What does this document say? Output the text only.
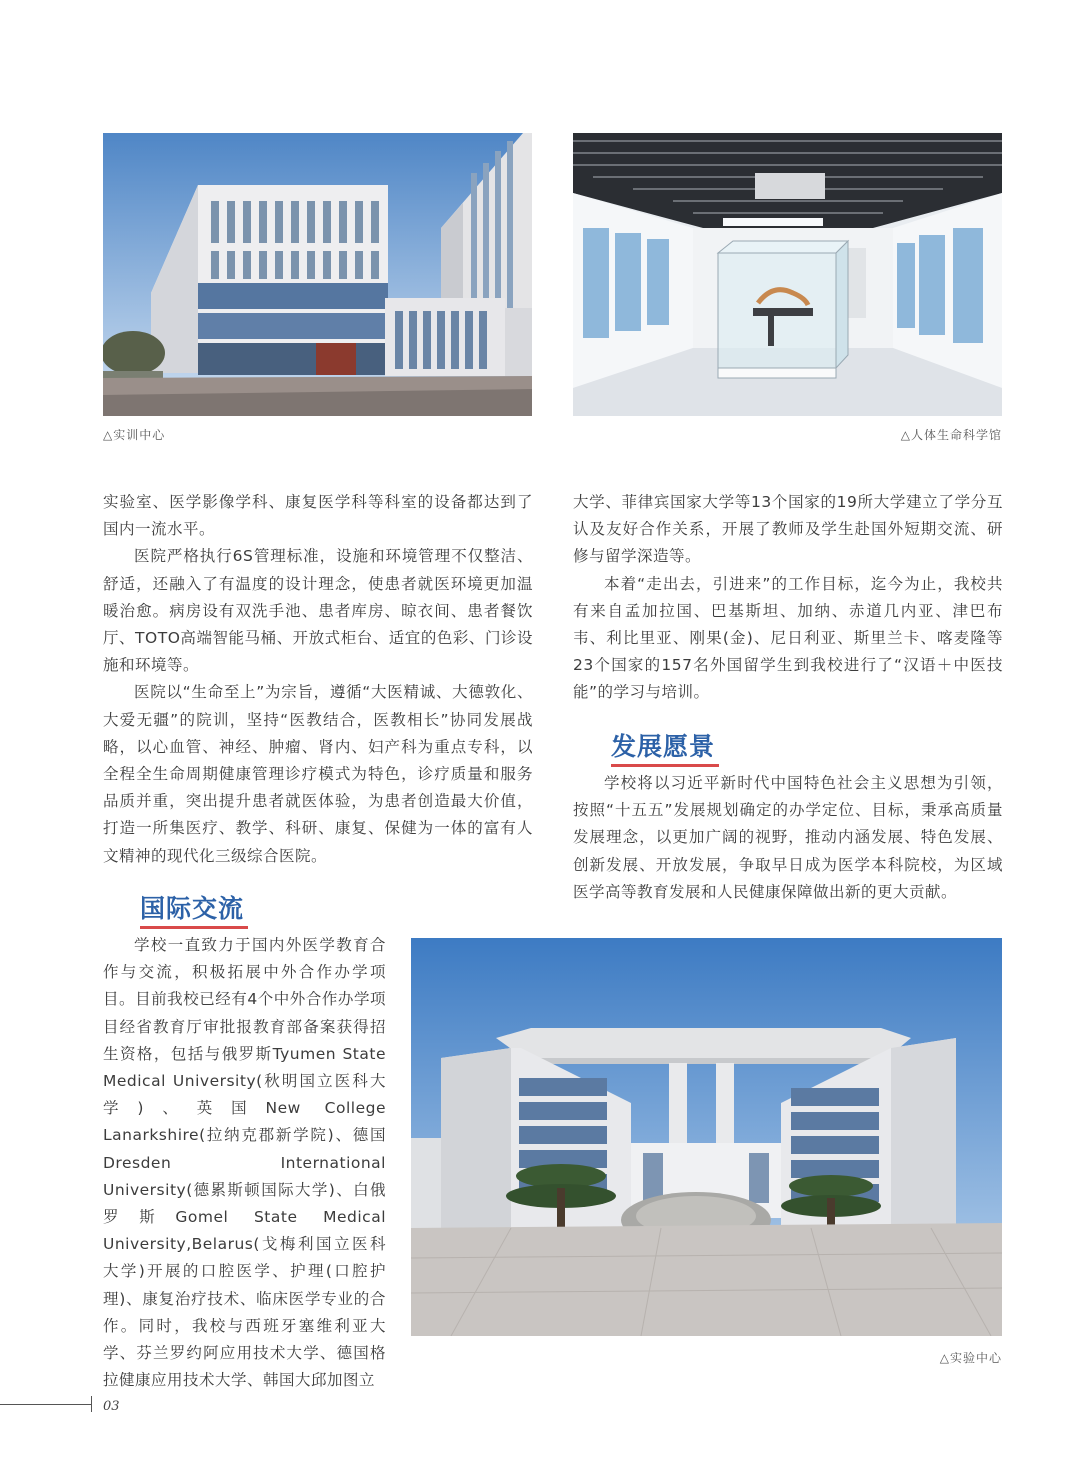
△实训中心	△人体生命科学馆

实验室、医学影像学科、康复医学科等科室的设备都达到了国内一流水平。

医院严格执行6S管理标准，设施和环境管理不仅整洁、舒适，还融入了有温度的设计理念，使患者就医环境更加温暖治愈。病房设有双洗手池、患者库房、晾衣间、患者餐饮厅、TOTO高端智能马桶、开放式柜台、适宜的色彩、门诊设施和环境等。

医院以“生命至上”为宗旨，遵循“大医精诚、大德敦化、大爱无疆”的院训，坚持“医教结合，医教相长”协同发展战略，以心血管、神经、肿瘤、肾内、妇产科为重点专科，以全程全生命周期健康管理诊疗模式为特色，诊疗质量和服务品质并重，突出提升患者就医体验，为患者创造最大价值，打造一所集医疗、教学、科研、康复、保健为一体的富有人文精神的现代化三级综合医院。

国际交流

学校一直致力于国内外医学教育合作与交流，积极拓展中外合作办学项目。目前我校已经有4个中外合作办学项目经省教育厅审批报教育部备案获得招生资格，包括与俄罗斯Tyumen State Medical University(秋明国立医科大学)、英国New College Lanarkshire(拉纳克郡新学院)、德国Dresden International University(德累斯顿国际大学)、白俄罗斯Gomel State Medical University,Belarus(戈梅利国立医科大学)开展的口腔医学、护理(口腔护理)、康复治疗技术、临床医学专业的合作。同时，我校与西班牙塞维利亚大学、芬兰罗约阿应用技术大学、德国格拉健康应用技术大学、韩国大邱加图立

大学、菲律宾国家大学等13个国家的19所大学建立了学分互认及友好合作关系，开展了教师及学生赴国外短期交流、研修与留学深造等。

本着“走出去，引进来”的工作目标，迄今为止，我校共有来自孟加拉国、巴基斯坦、加纳、赤道几内亚、津巴布韦、利比里亚、刚果(金)、尼日利亚、斯里兰卡、喀麦隆等23个国家的157名外国留学生到我校进行了“汉语＋中医技能”的学习与培训。

发展愿景

学校将以习近平新时代中国特色社会主义思想为引领，按照“十五五”发展规划确定的办学定位、目标，秉承高质量发展理念，以更加广阔的视野，推动内涵发展、特色发展、创新发展、开放发展，争取早日成为医学本科院校，为区域医学高等教育发展和人民健康保障做出新的更大贡献。

△实验中心
03
